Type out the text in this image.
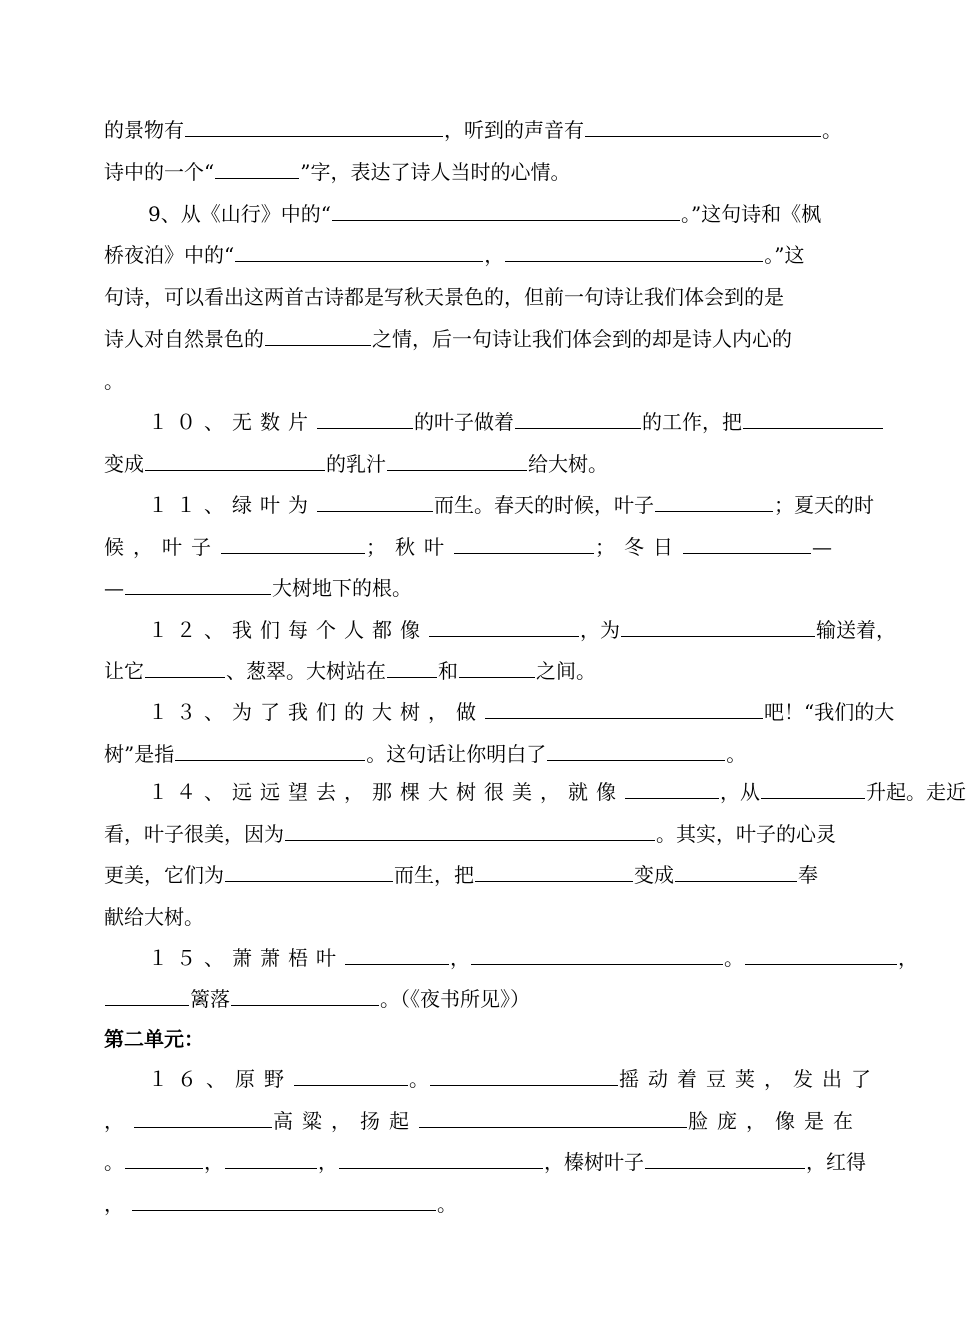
的景物有	，听到的声音有	。
诗中的一个“	”字，表达了诗人当时的心情。
9、从《山行》中的“	。”这句诗和《枫
桥夜泊》中的“	，	。”这
句诗，可以看出这两首古诗都是写秋天景色的，但前一句诗让我们体会到的是
诗人对自然景色的	之情，后一句诗让我们体会到的却是诗人内心的
。
１０、无数片	的叶子做着	的工作，把
变成	的乳汁	给大树。
１１、绿叶为	而生。春天的时候，叶子	；夏天的时
候，叶子	；秋叶	；冬日	—
—	大树地下的根。
１２、我们每个人都像	，为	输送着，
让它	、葱翠。大树站在	和	之间。
１３、为了我们的大树，做	吧！“我们的大
树”是指	。这句话让你明白了	。
１４、远远望去，那棵大树很美，就像	，从	升起。走近
看，叶子很美，因为	。其实，叶子的心灵
更美，它们为	而生，把	变成	奉
献给大树。
１５、萧萧梧叶	，	。	，
篱落	。（《夜书所见》）
第二单元：
１６、原野	。	摇动着豆荚，发出了
，	高粱，扬起	脸庞，像是在
。	，	，	，榛树叶子	，红得
，	。
